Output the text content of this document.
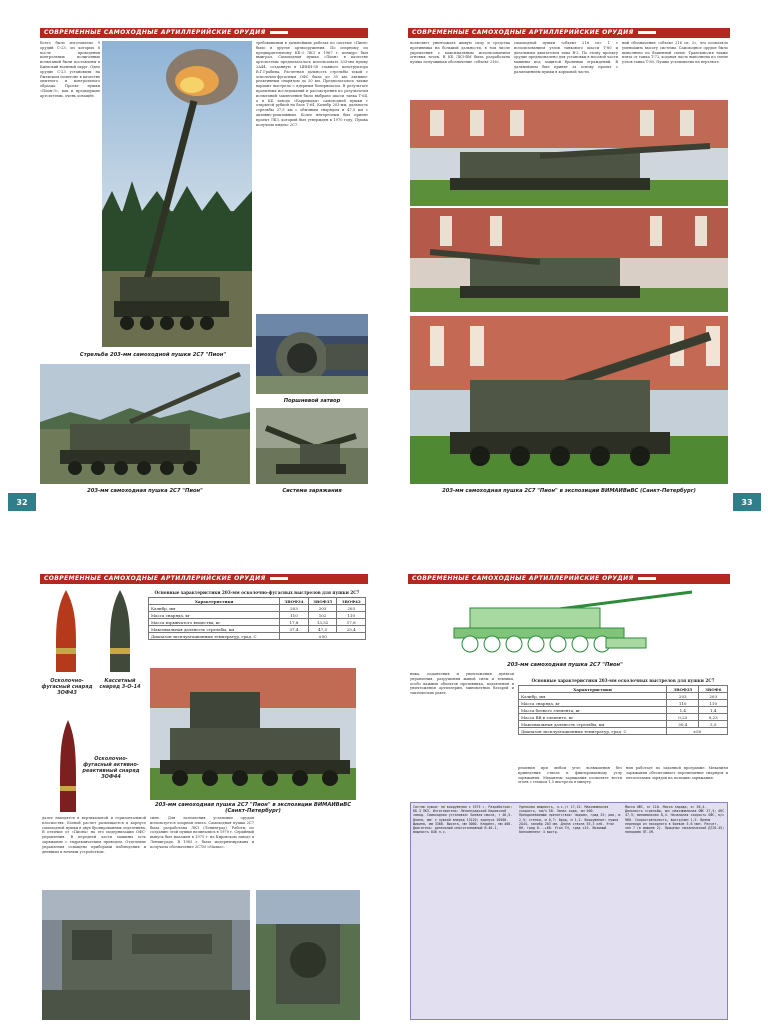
СОВРЕМЕННЫЕ САМОХОДНЫЕ АРТИЛЛЕРИЙСКИЕ ОРУДИЯ
Всего было изготовлено 9 орудий С-23, из которых 8 после проведения контрольных полигонных испытаний были поставлены в Киевский военный округ. Одно орудие С-23 установили на Ржевском полигоне в качестве опытного и контрольного образца. Проект пушки «Пион-3», как и предыдущие артсистемы, очень оснащён.
требованиями в дальнейших работах по системе «Пион» было в другие артвооружения. По опорному по предварительному КБ-3 ЛКЗ в 1967 г. конкурс был выиграл. Самоходная пушка «Пион» в качестве артсистемы предполагалось использовать 203-мм пушку 2А44, созданную в ЦНИИ-58 главного конструктора В.Г.Грабина. Расчетная дальность стрельбы такой с осколочно-фугасным ОФС была до 35 км, активно-реактивным снарядом до 50 км. Предполагалось также вариант выстрела с ядерным боеприпасом. В результате проектных исследований и рассмотрения по результатам испытаний заключения было выбрано шасси танка Т-64, а в КБ завода «Баррикады» самоходной пушки с открытой рубкой на базе Т-64. Калибр 203-мм, дальность стрельбы 37,5 км с обычным снарядом и 47,5 км с активно-реактивным. Более интересным был принят проект ЛКЗ, который был утвержден в 1970 году. Пушка получила индекс 2С7.
Стрельба 203-мм самоходной пушки 2С7 "Пион"
Поршневой затвор
203-мм самоходная пушка 2С7 "Пион"	Система заряжания
СОВРЕМЕННЫЕ САМОХОДНЫЕ АРТИЛЛЕРИЙСКИЕ ОРУДИЯ
позволяет уничтожать живую силу и средства противника на большой дальности, в том числе укрепления с максимальным использованием огневых точек. В КБ ЛКЗ-ВМ была разработана пушка получившая обозначение «объект 216».
самоходной пушки «объект 216 сп» 1 с использованием узлов танкового шасси Т-80 и дизельным двигателем типа В-2. По этому проекту орудие предназначено для установки в носовой части машины под защитой броневых ограждений. В дальнейшем был принят за основу проект с размещением пушки в кормовой части.
ний обозначение «объект 216 сп. 2», что позволяло уменьшить высоту системы. Самоходное орудие было выполнено по башенной схеме. Трансмиссия также взята от танка Т-72, ходовая часть выполнена по схеме узлов танка Т-80. Пушка установлена на вертлюге.
203-мм самоходная пушка 2С7 "Пион" в экспозиции ВИМАИВиВС (Санкт-Петербург)
32	33
СОВРЕМЕННЫЕ САМОХОДНЫЕ АРТИЛЛЕРИЙСКИЕ ОРУДИЯ
Осколочно-фугасный снаряд ЗОФ43
Кассетный снаряд 3-О-14
Осколочно-фугасный активно-реактивный снаряд ЗОФ44
Основные характеристики 203-мм осколочно-фугасных выстрелов для пушки 2С7
Характеристики	ЗВОФ34	ЗВОФ35	ЗВОФ42
Калибр, мм	203	203	203
Масса снаряда, кг	110	102	110
Масса взрывчатого вещества, кг	17,8	13,52	17,8
Максимальная дальность стрельбы, км	37,4	47,5	25,4
Диапазон эксплуатационных температур, град. С	±50		
203-мм самоходная пушка 2С7 "Пион" в экспозиции ВИМАИВиВС (Санкт-Петербург)
далее находятся в вертикальной и горизонтальной плоскостях. Боевой расчет размещается в корпусе самоходной пушки в двух бронированных отделениях. В отличие от «Пиона» на его модернизации ОФС-управления. В передней части машины есть заряжание с гидравлическим приводом. Отделение управления оснащено приборами наблюдения и дневным и ночным устройством.
сине. Для заземления установки орудия используется опорная плита. Самоходная пушка 2С7 была разработана ЛКЗ (Ленинград). Работы по созданию этой пушки начинались в 1970 г. Серийный выпуск был налажен в 1975 г. на Кировском заводе в Ленинграде. В 1983 г. была модернизирована и получила обозначение 2С7М «Малка».
СОВРЕМЕННЫЕ САМОХОДНЫЕ АРТИЛЛЕРИЙСКИЕ ОРУДИЯ
203-мм самоходная пушка 2С7 "Пион"
ника, подавления и уничтожения пунктов управления, разрушения живой силы и техники, особо важных объектов противника, подавления и уничтожения артиллерии, минометных батарей и тактических ракет.
Основные характеристики 203-мм осколочных выстрелов для пушки 2С7
Характеристики	ЗВОФ35	ЗВОФ6
Калибр, мм	203	203
Масса снаряда, кг	110	110
Масса боевого элемента, кг	1,4	1,4
Масса ВВ в элементе, кг	0,23	0,23
Максимальная дальность стрельбы, км	30,4	3,5
Диапазон эксплуатационных температур, град. С	±50	
решения при любом угле возвышения без приведения ствола к фиксированному углу заряжания. Механизм заряжания позволяет вести огонь с темпом 1,5 выстрела в минуту.
ния работает по заданной программе. Механизм заряжания обеспечивает перемещение снарядов и метательных зарядов на позицию заряжания.
Состав пушки: на вооружении с 1975 г. Разработчик: КБ-3 ЛКЗ. Изготовитель: Ленинградский Кировский завод. Самоходная установка: Боевая масса, т 46,5. Длина, мм: с пушкой вперед 13120; корпуса 10500. Ширина, мм 3380. Высота, мм 3000. Клиренс, мм 400. Двигатель: дизельный многотопливный В-46-1, мощность 840 л.с.
Удельная мощность, л.с./т 17,15. Максимальная скорость, км/ч 50. Запас хода, км 500. Преодолеваемые препятствия: подъем, град 25; ров, м 2,5; стенка, м 0,7; брод, м 1,2. Вооружение: пушка 2А44, калибр 203 мм. Длина ствола 55,3 клб. Угол ВН, град 0...+60. Угол ГН, град ±15. Возимый боекомплект 4 выстр.
Масса ОФС, кг 110. Масса заряда, кг 58,4. Дальность стрельбы, км: максимальная ОФС 37,5; ARC 47,5; минимальная 8,4. Начальная скорость ОФС, м/с 960. Скорострельность, выстр/мин 1,5. Время перевода из походного в боевое 5-6 мин. Расчет, чел 7 (в машине 2). Прицелы: механический Д726-45; панорама ПГ-1М.
